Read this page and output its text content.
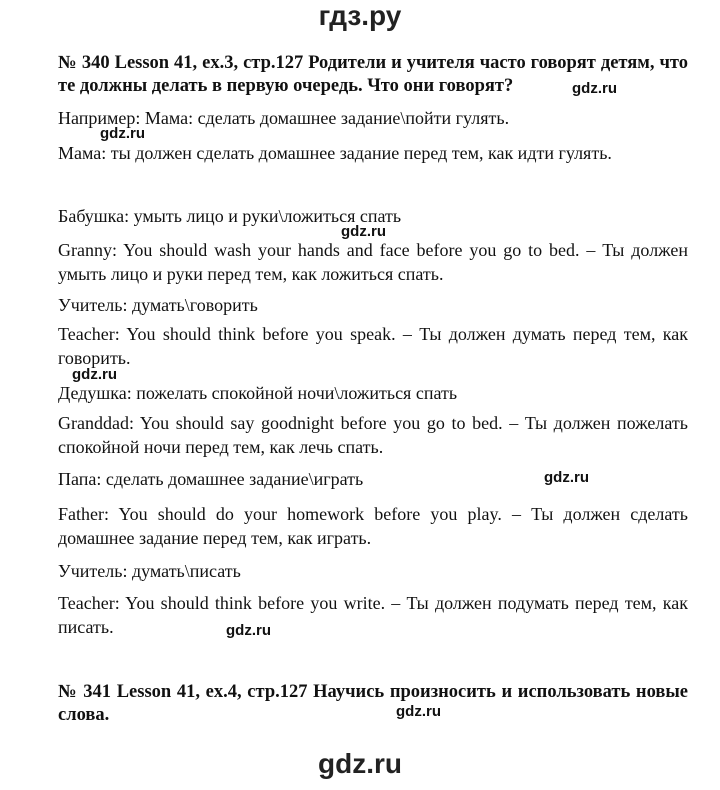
гдз.ру
№ 340 Lesson 41, ex.3, стр.127 Родители и учителя часто говорят детям, что те должны делать в первую очередь. Что они говорят?
Например: Мама: сделать домашнее задание\пойти гулять.
Мама: ты должен сделать домашнее задание перед тем, как идти гулять.
Бабушка: умыть лицо и руки\ложиться спать
Granny: You should wash your hands and face before you go to bed. – Ты должен умыть лицо и руки перед тем, как ложиться спать.
Учитель: думать\говорить
Teacher: You should think before you speak. – Ты должен думать перед тем, как говорить.
Дедушка: пожелать спокойной ночи\ложиться спать
Granddad: You should say goodnight before you go to bed. – Ты должен пожелать спокойной ночи перед тем, как лечь спать.
Папа: сделать домашнее задание\играть
Father: You should do your homework before you play. – Ты должен сделать домашнее задание перед тем, как играть.
Учитель: думать\писать
Teacher: You should think before you write. – Ты должен подумать перед тем, как писать.
№ 341 Lesson 41, ex.4, стр.127 Научись произносить и использовать новые слова.
gdz.ru
gdz.ru
gdz.ru
gdz.ru
gdz.ru
gdz.ru
gdz.ru
gdz.ru
